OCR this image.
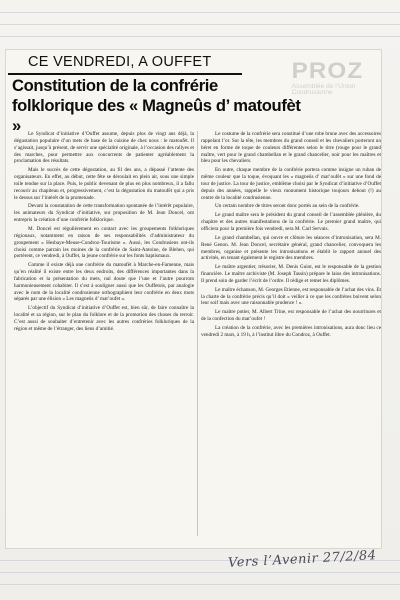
PROZ
Assemblée de l’Union Condrusienne
CE VENDREDI, A OUFFET
Constitution de la confrérie folklorique des « Magneûs d’ matoufèt »	Le Syndicat d’initiative d’Ouffet assume, depuis plus de vingt ans déjà, la dégustation populaire d’un mets de base de la cuisine de chez nous : le matoufèt. Il s’agissait, jusqu’à présent, de servir une spécialité originale, à l’occasion des rallyes et des marches, pour permettre aux concurrents de patienter agréablement la proclamation des résultats.

Mais le succès de cette dégustation, au fil des ans, a dépassé l’attente des organisateurs. En effet, au début, cette fête se déroulait en plein air, sous une simple toile tendue sur la place. Puis, le public devenant de plus en plus nombreux, il a fallu recourir au chapiteau et, progressivement, c’est la dégustation du matoufèt qui a pris le dessus sur l’intérêt de la promenade.

Devant la constatation de cette transformation spontanée de l’intérêt populaire, les animateurs du Syndicat d’initiative, sur proposition de M. Jean Doncel, ont entrepris la création d’une confrérie folklorique.

M. Doncel est régulièrement en contact avec les groupements folkloriques régionaux, notamment en raison de ses responsabilités d’administrateur du groupement « Hesbaye-Meuse-Condroz-Tourisme ». Aussi, les Condrusiens ont-ils choisi comme parrain les moines de la confrérie de Saint-Antoine, de Blehen, qui portèrent, ce vendredi, à Ouffet, la jeune confrérie sur les fonts baptismaux.

Comme il existe déjà une confrérie du matoufèt à Marche-en-Famenne, mais qu’en réalité il existe entre les deux endroits, des différences importantes dans la fabrication et la présentation du mets, nul doute que l’une et l’autre pourront harmonieusement cohabiter. Il s’est à souligner aussi que les Ouffetois, par analogie avec le nom de la localité condrusienne orthographient leur confrérie en deux mots séparés par une élision « Les magneûs d’ mat’oufet ».

L’objectif du Syndicat d’initiative d’Ouffet est, bien sûr, de faire connaître la localité et sa région, sur le plan du folklore et de la promotion des choses du terroir. C’est aussi de souhaiter d’entretenir avec les autres confréries folkloriques de la région et même de l’étranger, des liens d’amitié.

Le costume de la confrérie sera constitué d’une robe brune avec des accessoires rappelant l’or. Sur la tête, les membres du grand conseil et les chevaliers porteront un béret en forme de toque de couleurs différentes selon le titre (rouge pour le grand maître, vert pour le grand chambellan et le grand chancelier, noir pour les maîtres et bleu pour les chevaliers.

En outre, chaque membre de la confrérie portera comme insigne un ruban de même couleur que la toque, évoquant les « magneûs d’ mat’oufèt » sur une fond de tour de justice. La tour de justice, emblème choisi par le Syndicat d’initiative d’Ouffet depuis des années, rappelle le vieux monument historique toujours debout (!) au centre de la localité condrusienne.

Un certain nombre de titres seront donc portés au sein de la confrérie.

Le grand maître sera le président du grand conseil de l’assemblée plénière, du chapitre et des autres manifestations de la confrérie. Le premier grand maître, qui officiera pour la première fois vendredi, sera M. Carl Servais.

Le grand chambellan, qui ouvre et clôture les séances d’intronisation, sera M. René Genon. M. Jean Doncel, secrétaire général, grand chancelier, convoquera les membres, organise et présente les intronisations et établit le rapport annuel des activités, en tenant également le registre des membres.

Le maître argentier, trésorier, M. Denis Guiot, est le responsable de la gestion financière. Le maître archiviste (M. Joseph Tassin) prépare le laius des intronisations. Il prend soin de garder l’écrit de l’ordre. Il rédige et remet les diplômes.

Le maître échanson, M. Georges Etienne, est responsable de l’achat des vins. Et la charte de la confrérie précis qu’il doit « veiller à ce que les confrères boivent selon leur soif mais avec une raisonnable prudence ! ».

Le maître potier, M. Albert Trine, est responsable de l’achat des nourritures et de la confection du mat’oufet !

La création de la confrérie, avec les premières intronisations, aura donc lieu ce vendredi 2 mars, à 19 h, à l’institut libre du Condroz, à Ouffet.

Vers l’Avenir 27/2/84
